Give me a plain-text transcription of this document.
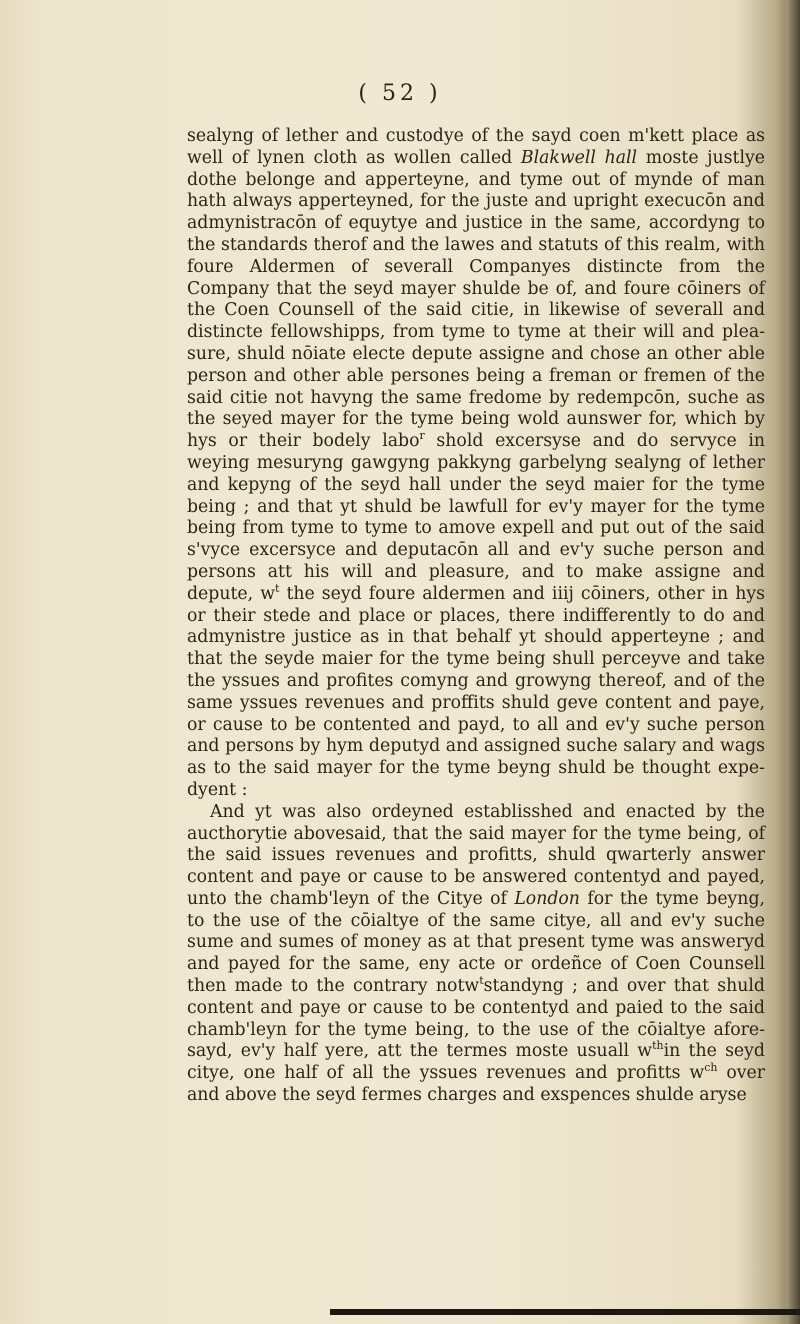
( 52 )

sealyng of lether and custodye of the sayd coen m'kett place as well of lynen cloth as wollen called Blakwell hall moste justlye dothe belonge and apperteyne, and tyme out of mynde of man hath always apperteyned, for the juste and upright execucōn and admynistracōn of equytye and justice in the same, accordyng to the standards therof and the lawes and statuts of this realm, with foure Aldermen of severall Companyes distincte from the Company that the seyd mayer shulde be of, and foure cōiners of the Coen Counsell of the said citie, in likewise of severall and distincte fellowshipps, from tyme to tyme at their will and plea- sure, shuld nōiate electe depute assigne and chose an other able person and other able persones being a freman or fremen of the said citie not havyng the same fredome by redempcōn, suche as the seyed mayer for the tyme being wold aunswer for, which by hys or their bodely labo$^r$ shold excersyse and do servyce in weying mesuryng gawgyng pakkyng garbelyng sealyng of lether and kepyng of the seyd hall under the seyd maier for the tyme being ; and that yt shuld be lawfull for ev'y mayer for the tyme being from tyme to tyme to amove expell and put out of the said s'vyce excersyce and deputacōn all and ev'y suche person and persons att his will and pleasure, and to make assigne and depute, $w^t$ the seyd foure aldermen and iiij cōiners, other in hys or their stede and place or places, there indifferently to do and admynistre justice as in that behalf yt should apperteyne ; and that the seyde maier for the tyme being shull perceyve and take the yssues and profites comyng and growyng thereof, and of the same yssues revenues and proffits shuld geve content and paye, or cause to be contented and payd, to all and ev'y suche person and persons by hym deputyd and assigned suche salary and wags as to the said mayer for the tyme beyng shuld be thought expe- dyent :

And yt was also ordeyned establisshed and enacted by the aucthorytie abovesaid, that the said mayer for the tyme being, of the said issues revenues and profitts, shuld qwarterly answer content and paye or cause to be answered contentyd and payed, unto the chamb'leyn of the Citye of London for the tyme beyng, to the use of the cōialtye of the same citye, all and ev'y suche sume and sumes of money as at that present tyme was answeryd and payed for the same, eny acte or ordeñce of Coen Counsell then made to the contrary notw$^t$standyng ; and over that shuld content and paye or cause to be contentyd and paied to the said chamb'leyn for the tyme being, to the use of the cōialtye afore- sayd, ev'y half yere, att the termes moste usuall $w^{th}in$ the seyd citye, one half of all the yssues revenues and profitts $w^{ch}$ over and above the seyd fermes charges and exspences shulde aryse
